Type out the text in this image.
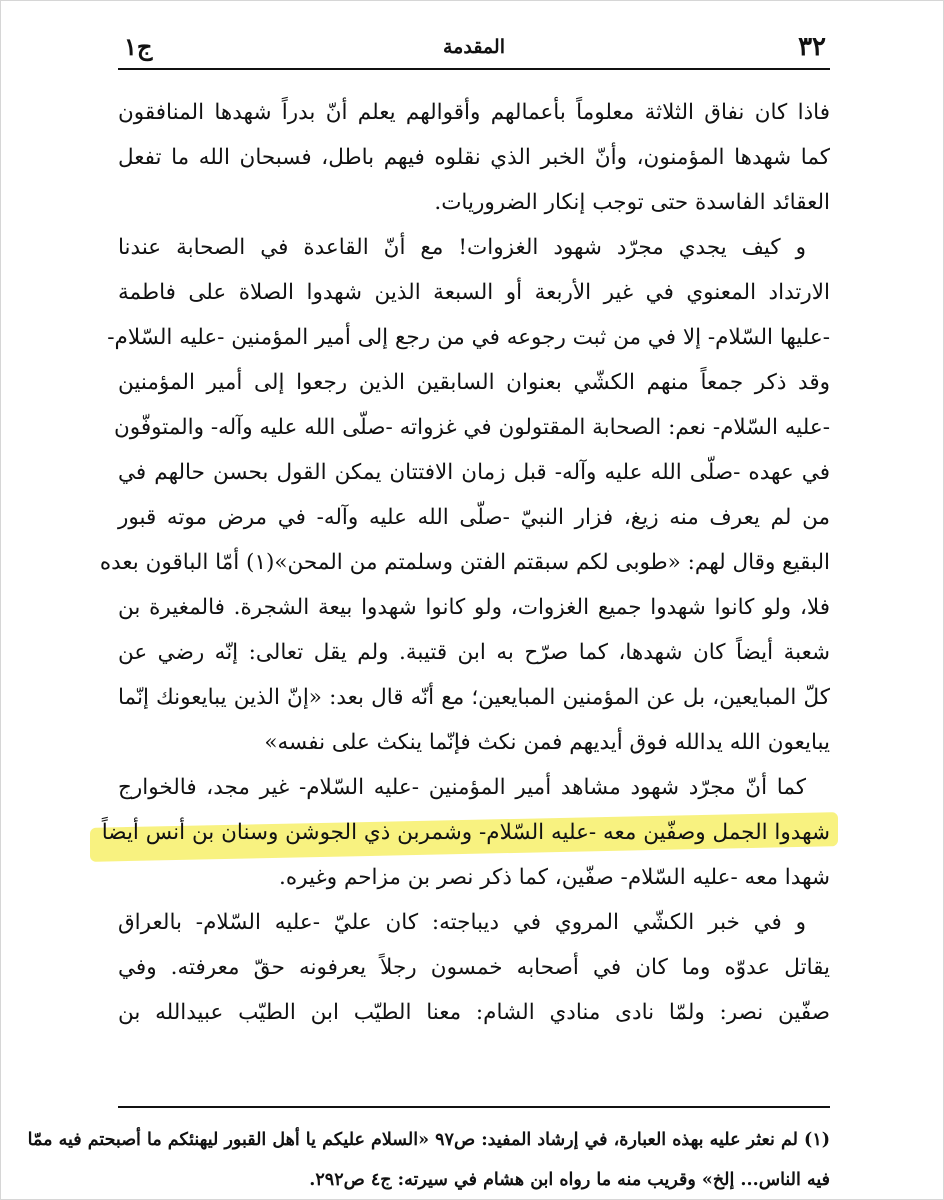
٣٢
المقدمة
ج١
فاذا كان نفاق الثلاثة معلوماً بأعمالهم وأقوالهم يعلم أنّ بدراً شهدها المنافقون
كما شهدها المؤمنون، وأنّ الخبر الذي نقلوه فيهم باطل، فسبحان الله ما تفعل
العقائد الفاسدة حتى توجب إنكار الضروريات.
و كيف يجدي مجرّد شهود الغزوات! مع أنّ القاعدة في الصحابة عندنا
الارتداد المعنوي في غير الأربعة أو السبعة الذين شهدوا الصلاة على فاطمة
-عليها السّلام- إلا في من ثبت رجوعه في من رجع إلى أمير المؤمنين -عليه السّلام-
وقد ذكر جمعاً منهم الكشّي بعنوان السابقين الذين رجعوا إلى أمير المؤمنين
-عليه السّلام- نعم: الصحابة المقتولون في غزواته -صلّى الله عليه وآله- والمتوفّون
في عهده -صلّى الله عليه وآله- قبل زمان الافتتان يمكن القول بحسن حالهم في
من لم يعرف منه زيغ، فزار النبيّ -صلّى الله عليه وآله- في مرض موته قبور
البقيع وقال لهم: «طوبى لكم سبقتم الفتن وسلمتم من المحن»(١) أمّا الباقون بعده
فلا، ولو كانوا شهدوا جميع الغزوات، ولو كانوا شهدوا بيعة الشجرة. فالمغيرة بن
شعبة أيضاً كان شهدها، كما صرّح به ابن قتيبة. ولم يقل تعالى: إنّه رضي عن
كلّ المبايعين، بل عن المؤمنين المبايعين؛ مع أنّه قال بعد: «إنّ الذين يبايعونك إنّما
يبايعون الله يدالله فوق أيديهم فمن نكث فإنّما ينكث على نفسه»
كما أنّ مجرّد شهود مشاهد أمير المؤمنين -عليه السّلام- غير مجد، فالخوارج
شهدوا الجمل وصفّين معه -عليه السّلام- وشمربن ذي الجوشن وسنان بن أنس أيضاً
شهدا معه -عليه السّلام- صفّين، كما ذكر نصر بن مزاحم وغيره.
و في خبر الكشّي المروي في ديباجته: كان عليّ -عليه السّلام- بالعراق
يقاتل عدوّه وما كان في أصحابه خمسون رجلاً يعرفونه حقّ معرفته. وفي
صفّين نصر: ولمّا نادى منادي الشام: معنا الطيّب ابن الطيّب عبيدالله بن
(١) لم نعثر عليه بهذه العبارة، في إرشاد المفيد: ص٩٧ «السلام عليكم يا أهل القبور ليهنئكم ما أصبحتم فيه ممّا
فيه الناس... إلخ» وقريب منه ما رواه ابن هشام في سيرته: ج٤ ص٢٩٢.
